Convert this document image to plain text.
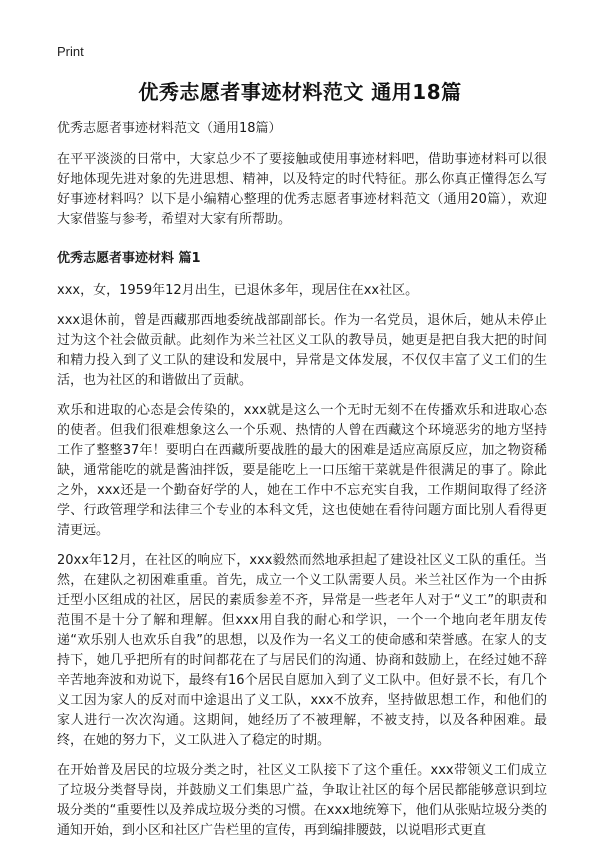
Print
优秀志愿者事迹材料范文 通用18篇

优秀志愿者事迹材料范文（通用18篇）

在平平淡淡的日常中，大家总少不了要接触或使用事迹材料吧，借助事迹材料可以很好地体现先进对象的先进思想、精神，以及特定的时代特征。那么你真正懂得怎么写好事迹材料吗？以下是小编精心整理的优秀志愿者事迹材料范文（通用20篇），欢迎大家借鉴与参考，希望对大家有所帮助。

优秀志愿者事迹材料 篇1

xxx，女，1959年12月出生，已退休多年，现居住在xx社区。

xxx退休前，曾是西藏那西地委统战部副部长。作为一名党员，退休后，她从未停止过为这个社会做贡献。此刻作为米兰社区义工队的教导员，她更是把自我大把的时间和精力投入到了义工队的建设和发展中，异常是文体发展，不仅仅丰富了义工们的生活，也为社区的和谐做出了贡献。

欢乐和进取的心态是会传染的，xxx就是这么一个无时无刻不在传播欢乐和进取心态的使者。但我们很难想象这么一个乐观、热情的人曾在西藏这个环境恶劣的地方坚持工作了整整37年！要明白在西藏所要战胜的最大的困难是适应高原反应，加之物资稀缺，通常能吃的就是酱油拌饭，要是能吃上一口压缩干菜就是件很满足的事了。除此之外，xxx还是一个勤奋好学的人，她在工作中不忘充实自我，工作期间取得了经济学、行政管理学和法律三个专业的本科文凭，这也使她在看待问题方面比别人看得更清更远。

20xx年12月，在社区的响应下，xxx毅然而然地承担起了建设社区义工队的重任。当然，在建队之初困难重重。首先，成立一个义工队需要人员。米兰社区作为一个由拆迁型小区组成的社区，居民的素质参差不齐，异常是一些老年人对于“义工”的职责和范围不是十分了解和理解。但xxx用自我的耐心和学识，一个一个地向老年朋友传递“欢乐别人也欢乐自我”的思想，以及作为一名义工的使命感和荣誉感。在家人的支持下，她几乎把所有的时间都花在了与居民们的沟通、协商和鼓励上，在经过她不辞辛苦地奔波和劝说下，最终有16个居民自愿加入到了义工队中。但好景不长，有几个义工因为家人的反对而中途退出了义工队，xxx不放弃，坚持做思想工作，和他们的家人进行一次次沟通。这期间，她经历了不被理解，不被支持，以及各种困难。最终，在她的努力下，义工队进入了稳定的时期。

在开始普及居民的垃圾分类之时，社区义工队接下了这个重任。xxx带领义工们成立了垃圾分类督导岗，并鼓励义工们集思广益，争取让社区的每个居民都能够意识到垃圾分类的“重要性以及养成垃圾分类的习惯。在xxx地统筹下，他们从张贴垃圾分类的通知开始，到小区和社区广告栏里的宣传，再到编排腰鼓，以说唱形式更直
